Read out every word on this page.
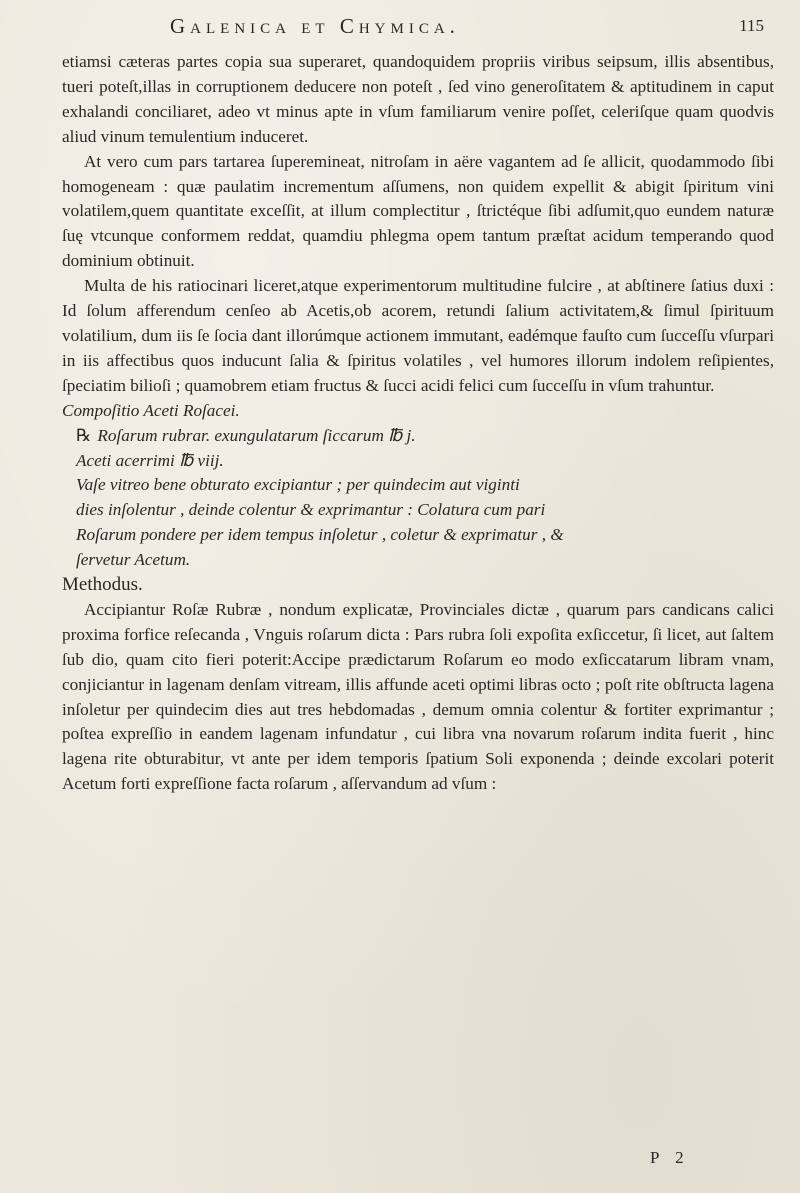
Galenica et Chymica.	115

etiamsi cæteras partes copia sua superaret, quandoquidem propriis viribus seipsum, illis absentibus, tueri poteſt,illas in corruptionem deducere non poteſt , ſed vino generoſitatem & aptitudinem in caput exhalandi conciliaret, adeo vt minus apte in vſum familiarum venire poſſet, celeriſque quam quodvis aliud vinum temulentium induceret.

At vero cum pars tartarea ſuperemineat, nitroſam in aëre vagantem ad ſe allicit, quodammodo ſibi homogeneam : quæ paulatim incrementum aſſumens, non quidem expellit & abigit ſpiritum vini volatilem,quem quantitate exceſſit, at illum complectitur , ſtrictéque ſibi adſumit,quo eundem naturæ ſuę vtcunque conformem reddat, quamdiu phlegma opem tantum præſtat acidum temperando quod dominium obtinuit.

Multa de his ratiocinari liceret,atque experimentorum multitudine fulcire , at abſtinere ſatius duxi : Id ſolum afferendum cenſeo ab Acetis,ob acorem, retundi ſalium activitatem,& ſimul ſpirituum volatilium, dum iis ſe ſocia dant illorúmque actionem immutant, eadémque fauſto cum ſucceſſu vſurpari in iis affectibus quos inducunt ſalia & ſpiritus volatiles , vel humores illorum indolem reſipientes, ſpeciatim bilioſi ; quamobrem etiam fructus & ſucci acidi felici cum ſucceſſu in vſum trahuntur.

Compoſitio Aceti Roſacei.

℞ Roſarum rubrar. exungulatarum ſiccarum ℔ j.
Aceti acerrimi ℔ viij.
Vaſe vitreo bene obturato excipiantur ; per quindecim aut viginti
dies inſolentur , deinde colentur & exprimantur : Colatura cum pari
Roſarum pondere per idem tempus inſoletur , coletur & exprimatur , &
ſervetur Acetum.

Methodus.

Accipiantur Roſæ Rubræ , nondum explicatæ, Provinciales dictæ , quarum pars candicans calici proxima forfice reſecanda , Vnguis roſarum dicta : Pars rubra ſoli expoſita exſiccetur, ſi licet, aut ſaltem ſub dio, quam cito fieri poterit:Accipe prædictarum Roſarum eo modo exſiccatarum libram vnam, conjiciantur in lagenam denſam vitream, illis affunde aceti optimi libras octo ; poſt rite obſtructa lagena inſoletur per quindecim dies aut tres hebdomadas , demum omnia colentur & fortiter exprimantur ; poſtea expreſſio in eandem lagenam infundatur , cui libra vna novarum roſarum indita fuerit , hinc lagena rite obturabitur, vt ante per idem temporis ſpatium Soli exponenda ; deinde excolari poterit Acetum forti expreſſione facta roſarum , aſſervandum ad vſum :

P 2
